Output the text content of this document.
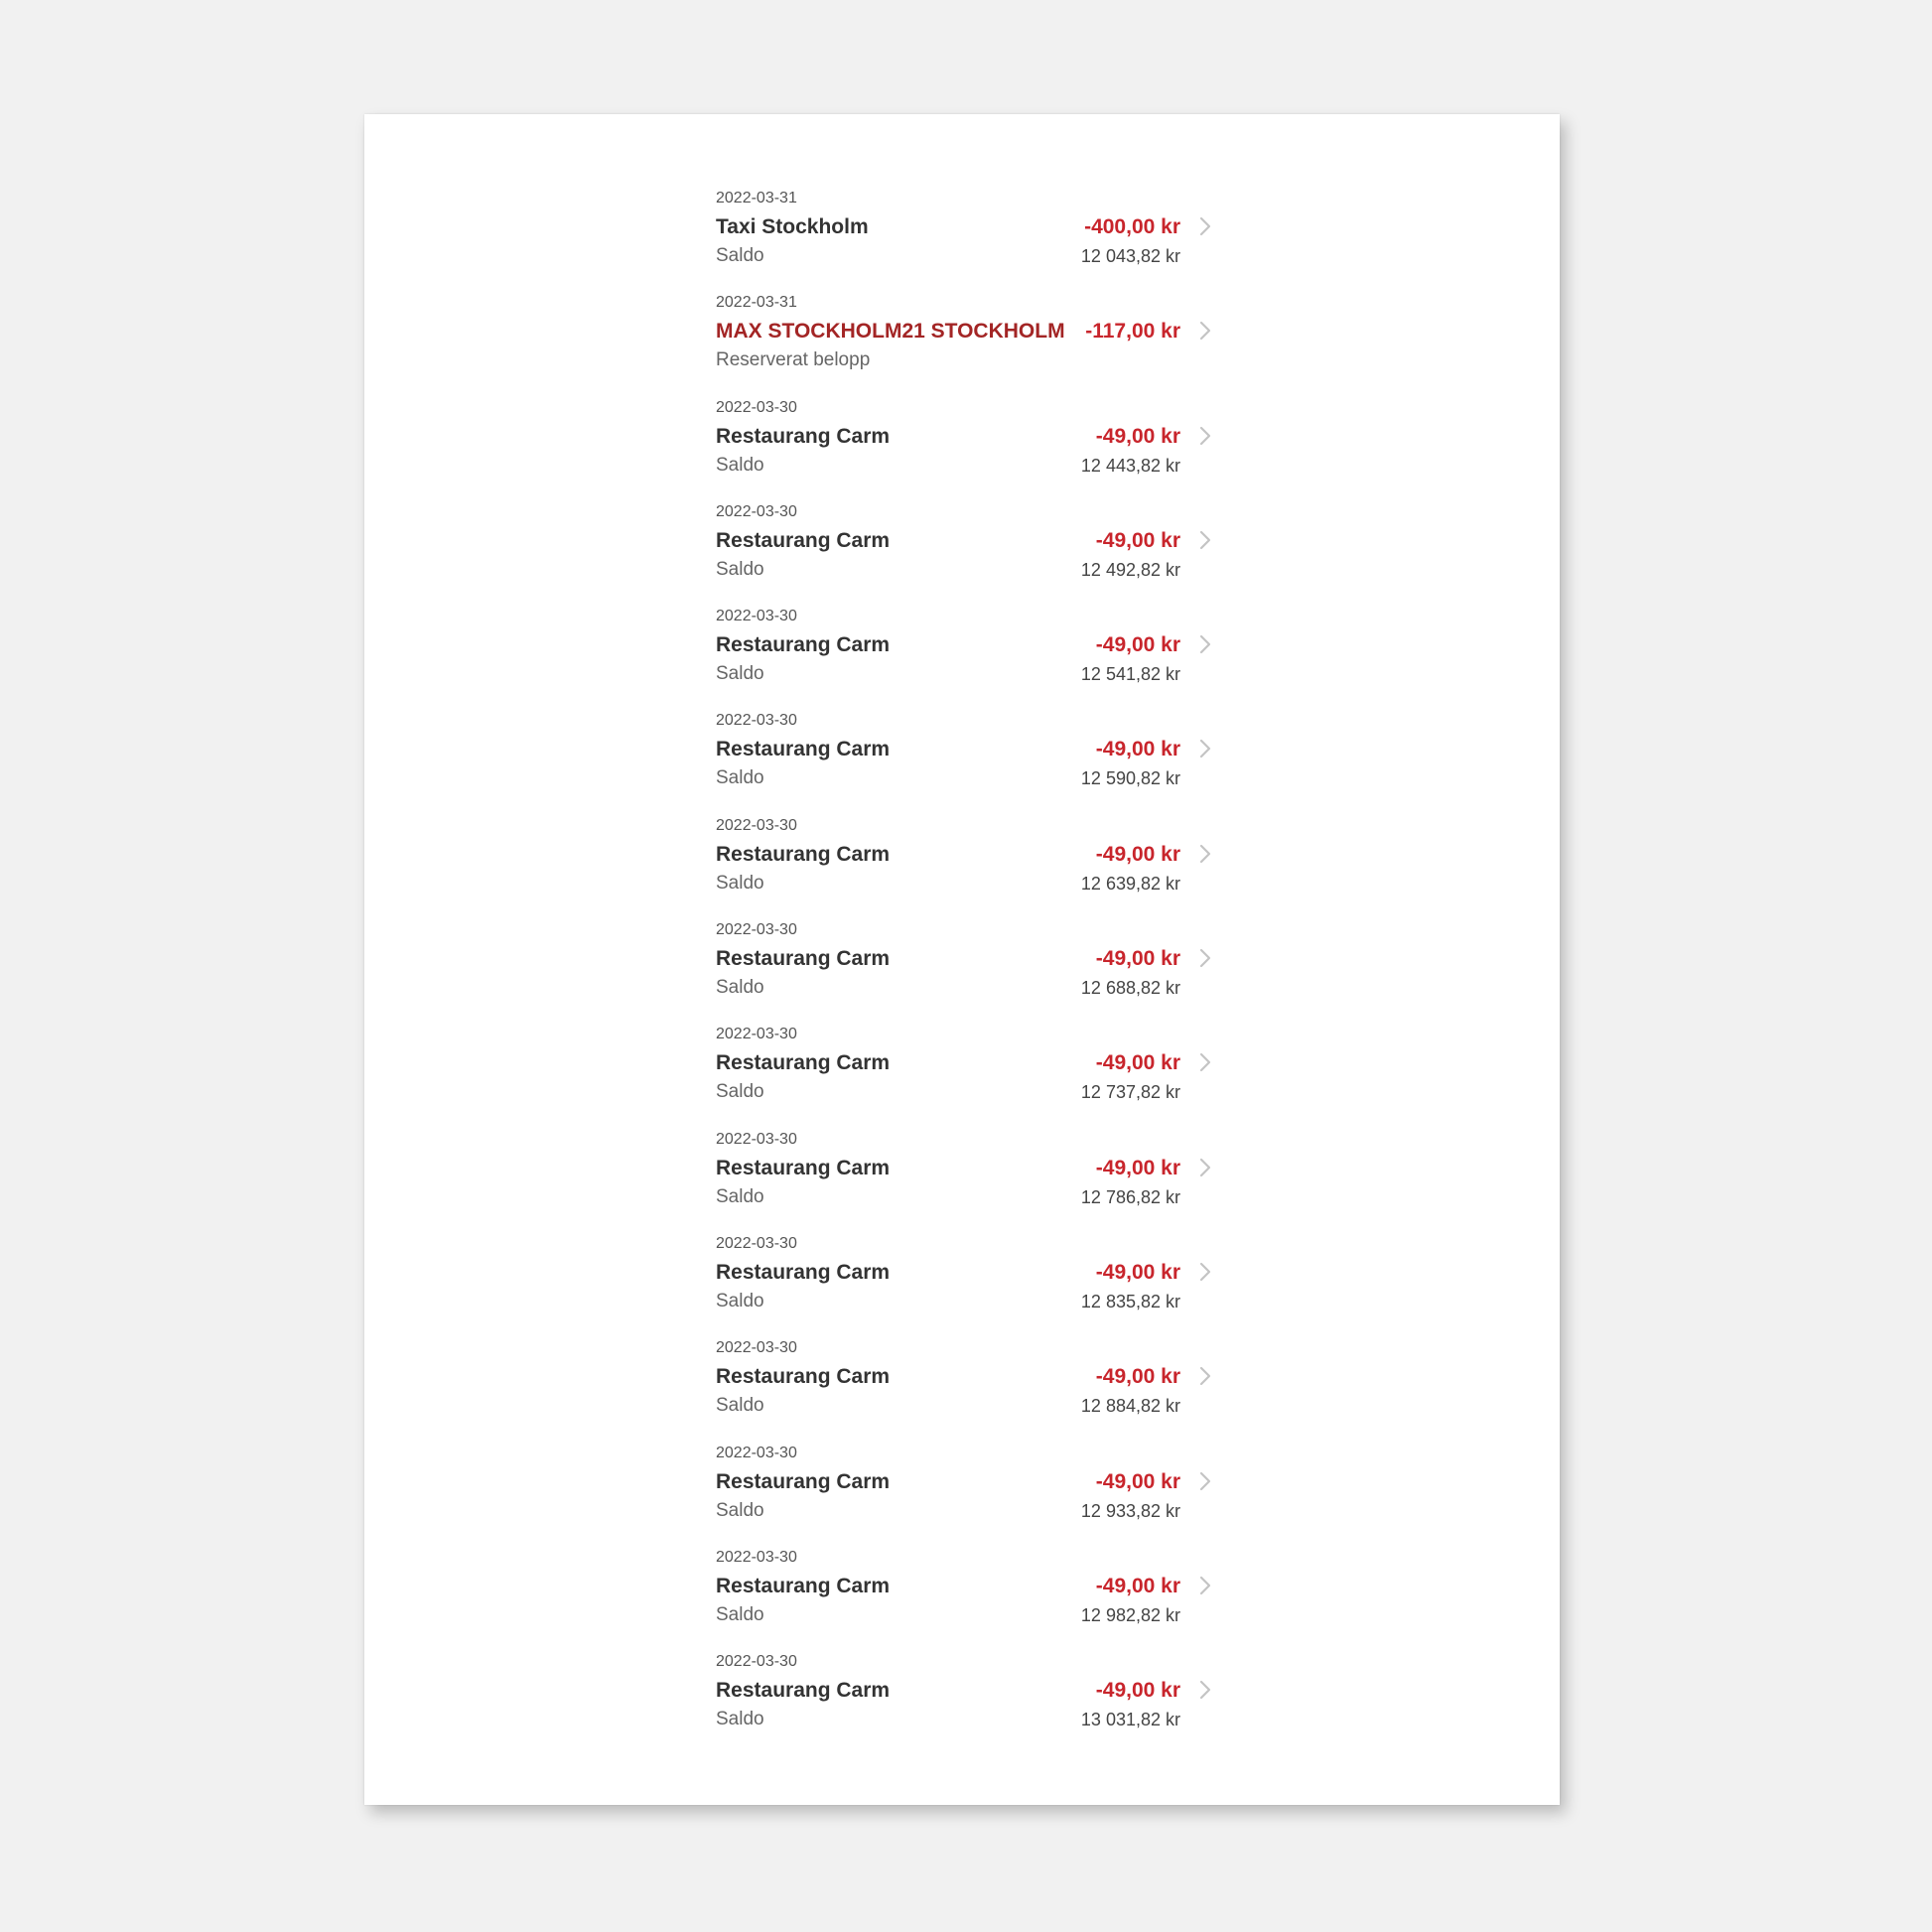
2022-03-31
Taxi Stockholm
Saldo
-400,00 kr
12 043,82 kr
2022-03-31
MAX STOCKHOLM21 STOCKHOLM
Reserverat belopp
-117,00 kr
2022-03-30
Restaurang Carm
Saldo
-49,00 kr
12 443,82 kr
2022-03-30
Restaurang Carm
Saldo
-49,00 kr
12 492,82 kr
2022-03-30
Restaurang Carm
Saldo
-49,00 kr
12 541,82 kr
2022-03-30
Restaurang Carm
Saldo
-49,00 kr
12 590,82 kr
2022-03-30
Restaurang Carm
Saldo
-49,00 kr
12 639,82 kr
2022-03-30
Restaurang Carm
Saldo
-49,00 kr
12 688,82 kr
2022-03-30
Restaurang Carm
Saldo
-49,00 kr
12 737,82 kr
2022-03-30
Restaurang Carm
Saldo
-49,00 kr
12 786,82 kr
2022-03-30
Restaurang Carm
Saldo
-49,00 kr
12 835,82 kr
2022-03-30
Restaurang Carm
Saldo
-49,00 kr
12 884,82 kr
2022-03-30
Restaurang Carm
Saldo
-49,00 kr
12 933,82 kr
2022-03-30
Restaurang Carm
Saldo
-49,00 kr
12 982,82 kr
2022-03-30
Restaurang Carm
Saldo
-49,00 kr
13 031,82 kr
